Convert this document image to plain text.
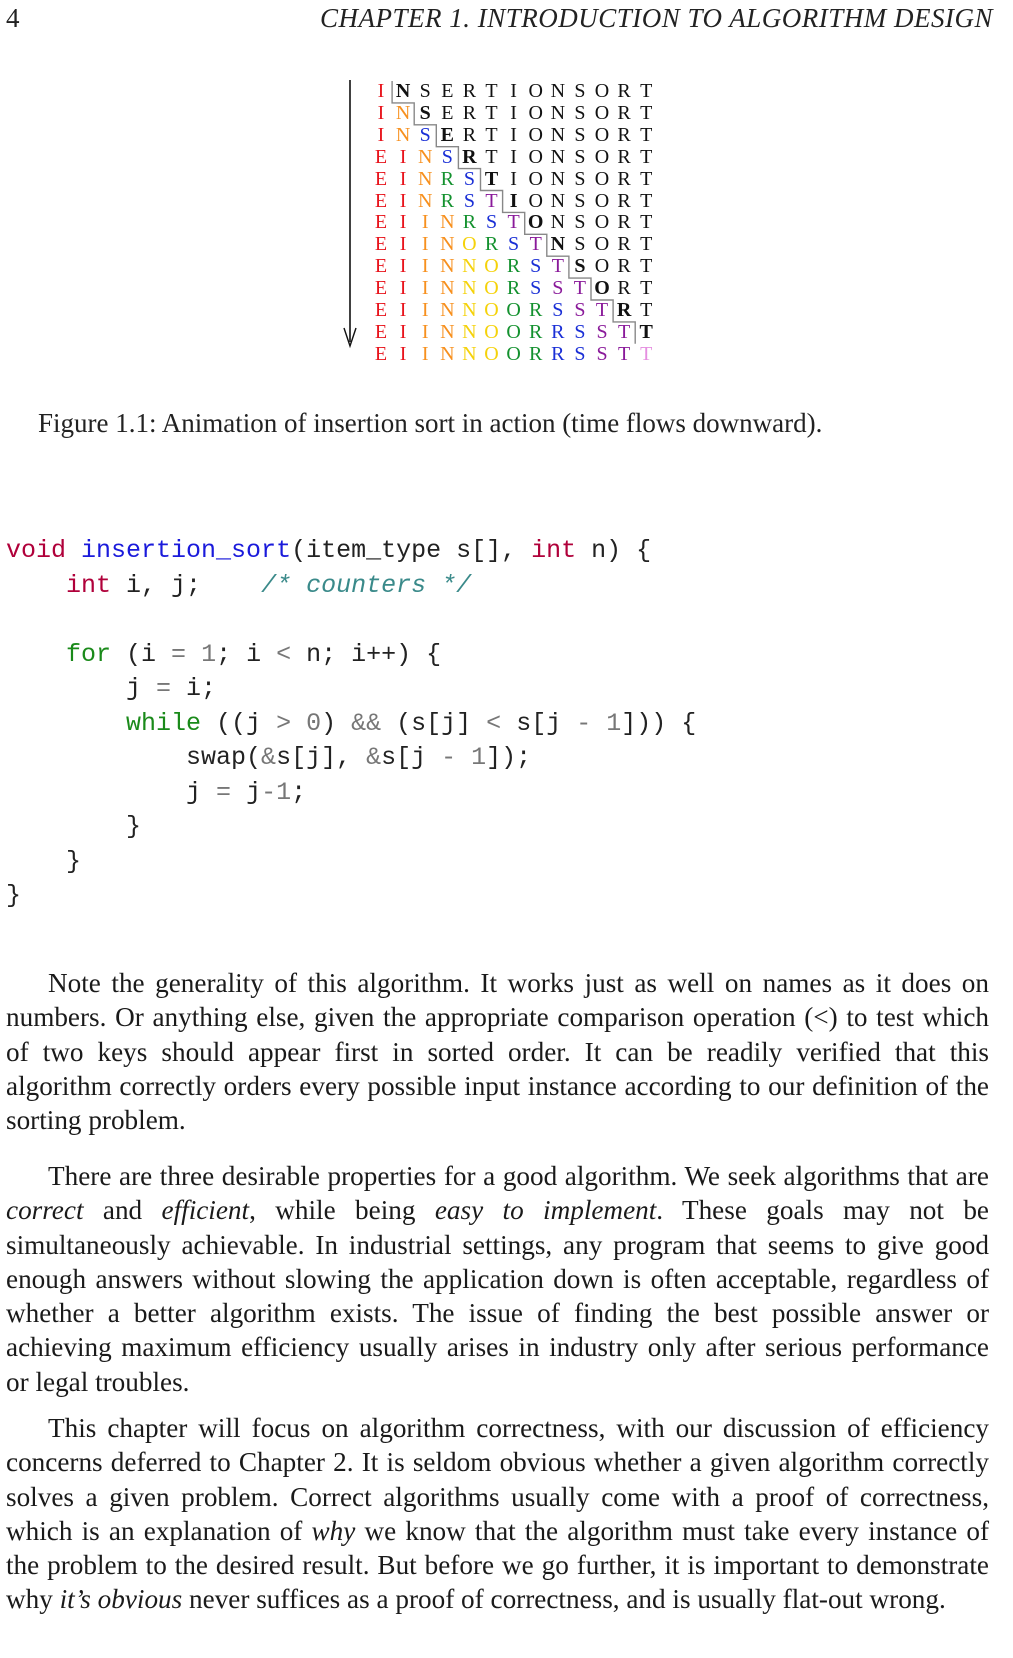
4	CHAPTER 1. INTRODUCTION TO ALGORITHM DESIGN
I N S E R T I O N S O R T
I N S E R T I O N S O R T
I N S E R T I O N S O R T
E I N S R T I O N S O R T
E I N R S T I O N S O R T
E I N R S T I O N S O R T
E I I N R S T O N S O R T
E I I N O R S T N S O R T
E I I N N O R S T S O R T
E I I N N O R S S T O R T
E I I N N O O R S S T R T
E I I N N O O R R S S T T
E I I N N O O R R S S T T
Figure 1.1: Animation of insertion sort in action (time flows downward).
void insertion_sort(item_type s[], int n) {
int i, j;    /* counters */
for (i = 1; i < n; i++) {
j = i;
while ((j > 0) && (s[j] < s[j - 1])) {
swap(&s[j], &s[j - 1]);
j = j-1;
}
}
}
Note the generality of this algorithm. It works just as well on names as it does on numbers. Or anything else, given the appropriate comparison operation (<) to test which of two keys should appear first in sorted order. It can be readily verified that this algorithm correctly orders every possible input instance according to our definition of the sorting problem.
There are three desirable properties for a good algorithm. We seek algorithms that are correct and efficient, while being easy to implement. These goals may not be simultaneously achievable. In industrial settings, any program that seems to give good enough answers without slowing the application down is often acceptable, regardless of whether a better algorithm exists. The issue of finding the best possible answer or achieving maximum efficiency usually arises in industry only after serious performance or legal troubles.
This chapter will focus on algorithm correctness, with our discussion of efficiency concerns deferred to Chapter 2. It is seldom obvious whether a given algorithm correctly solves a given problem. Correct algorithms usually come with a proof of correctness, which is an explanation of why we know that the algorithm must take every instance of the problem to the desired result. But before we go further, it is important to demonstrate why it’s obvious never suffices as a proof of correctness, and is usually flat-out wrong.
